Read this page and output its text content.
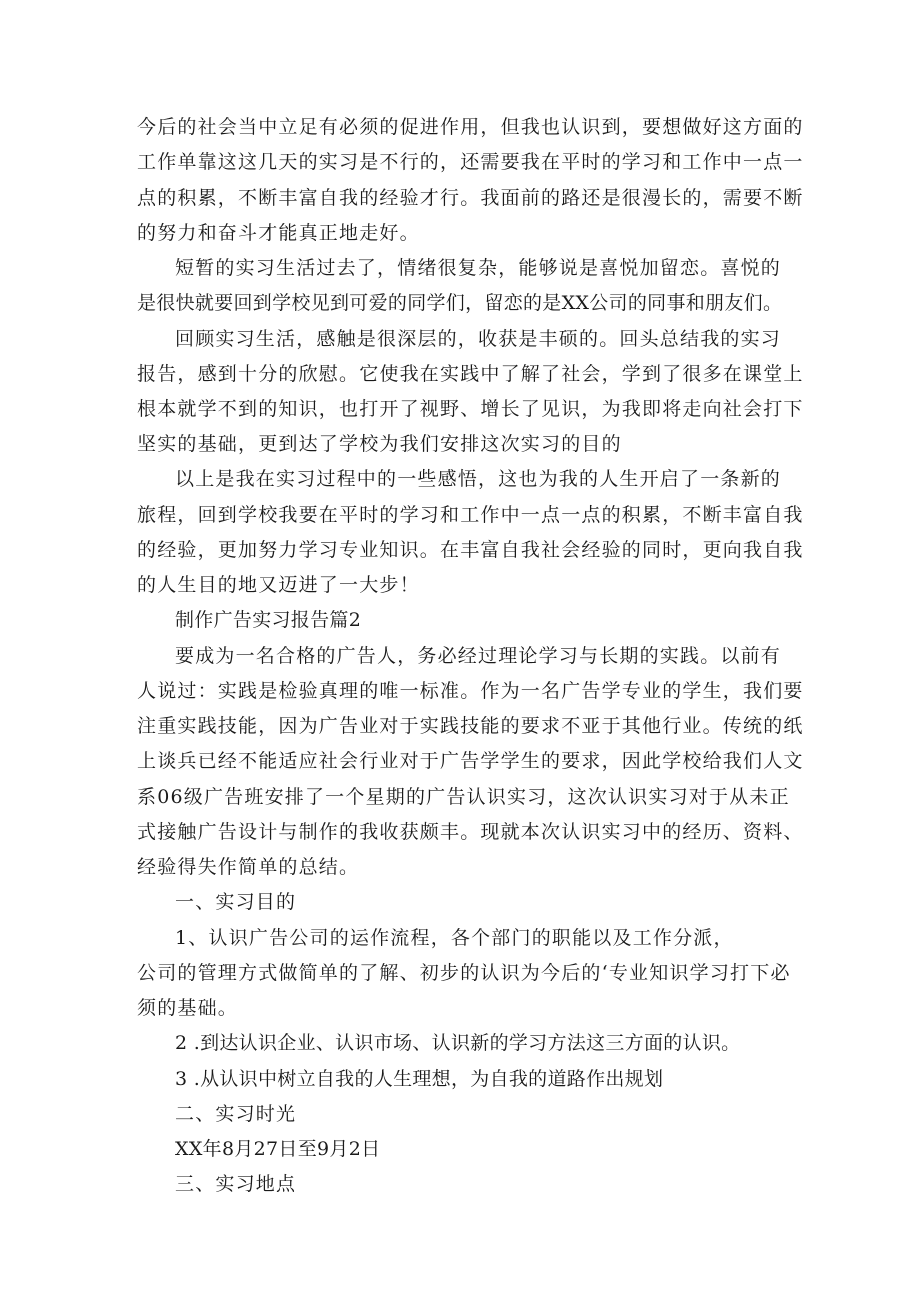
今后的社会当中立足有必须的促进作用，但我也认识到，要想做好这方面的
工作单靠这这几天的实习是不行的，还需要我在平时的学习和工作中一点一
点的积累，不断丰富自我的经验才行。我面前的路还是很漫长的，需要不断
的努力和奋斗才能真正地走好。
短暂的实习生活过去了，情绪很复杂，能够说是喜悦加留恋。喜悦的
是很快就要回到学校见到可爱的同学们，留恋的是XX公司的同事和朋友们。
回顾实习生活，感触是很深层的，收获是丰硕的。回头总结我的实习
报告，感到十分的欣慰。它使我在实践中了解了社会，学到了很多在课堂上
根本就学不到的知识，也打开了视野、增长了见识，为我即将走向社会打下
坚实的基础，更到达了学校为我们安排这次实习的目的
以上是我在实习过程中的一些感悟，这也为我的人生开启了一条新的
旅程，回到学校我要在平时的学习和工作中一点一点的积累，不断丰富自我
的经验，更加努力学习专业知识。在丰富自我社会经验的同时，更向我自我
的人生目的地又迈进了一大步！
制作广告实习报告篇2
要成为一名合格的广告人，务必经过理论学习与长期的实践。以前有
人说过：实践是检验真理的唯一标准。作为一名广告学专业的学生，我们要
注重实践技能，因为广告业对于实践技能的要求不亚于其他行业。传统的纸
上谈兵已经不能适应社会行业对于广告学学生的要求，因此学校给我们人文
系06级广告班安排了一个星期的广告认识实习，这次认识实习对于从未正
式接触广告设计与制作的我收获颇丰。现就本次认识实习中的经历、资料、
经验得失作简单的总结。
一、实习目的
1、认识广告公司的运作流程，各个部门的职能以及工作分派，
公司的管理方式做简单的了解、初步的认识为今后的‘专业知识学习打下必
须的基础。
2 .到达认识企业、认识市场、认识新的学习方法这三方面的认识。
3 .从认识中树立自我的人生理想，为自我的道路作出规划
二、实习时光
XX年8月27日至9月2日
三、实习地点
